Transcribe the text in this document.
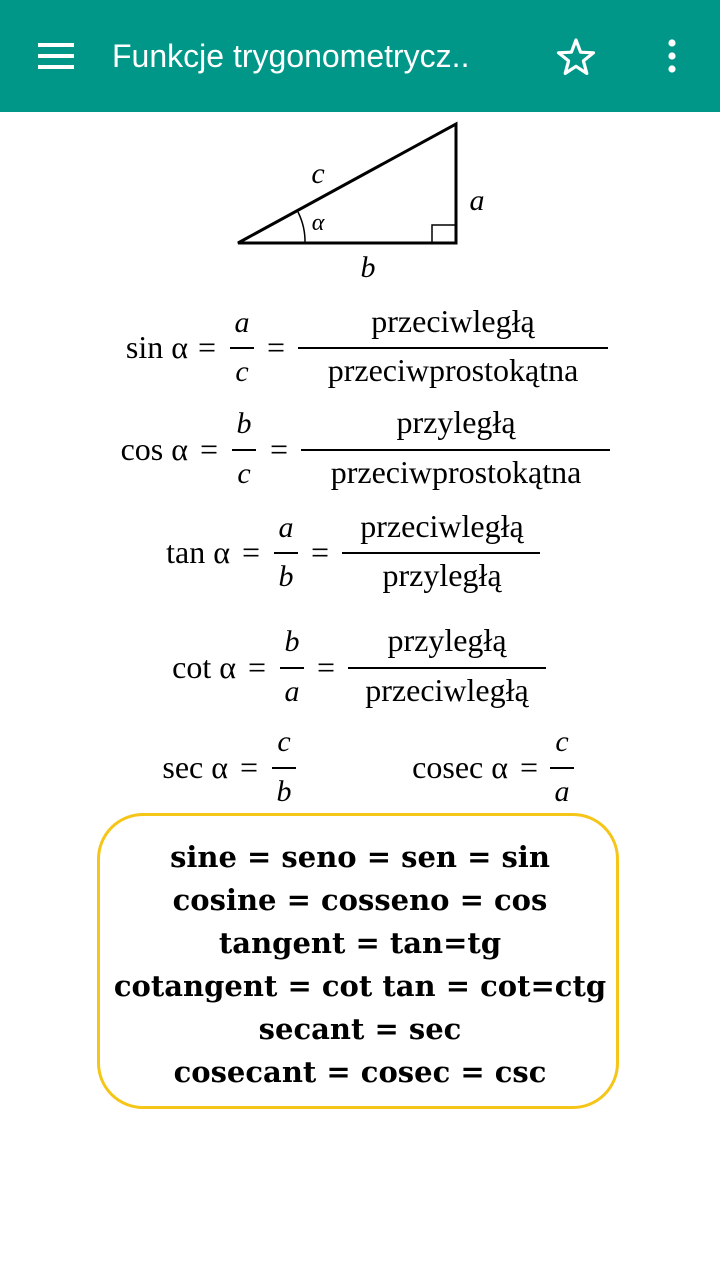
Funkcje trygonometrycz..
c
a
b
α
sin α =
a
c
=
przeciwległą
przeciwprostokątna
cos α =
b
c
=
przyległą
przeciwprostokątna
tan α =
a
b
=
przeciwległą
przyległą
cot α =
b
a
=
przyległą
przeciwległą
sec α =
c
b
cosec α =
c
a
sine = seno = sen = sin
cosine = cosseno = cos
tangent = tan=tg
cotangent = cot tan = cot=ctg
secant = sec
cosecant = cosec = csc
